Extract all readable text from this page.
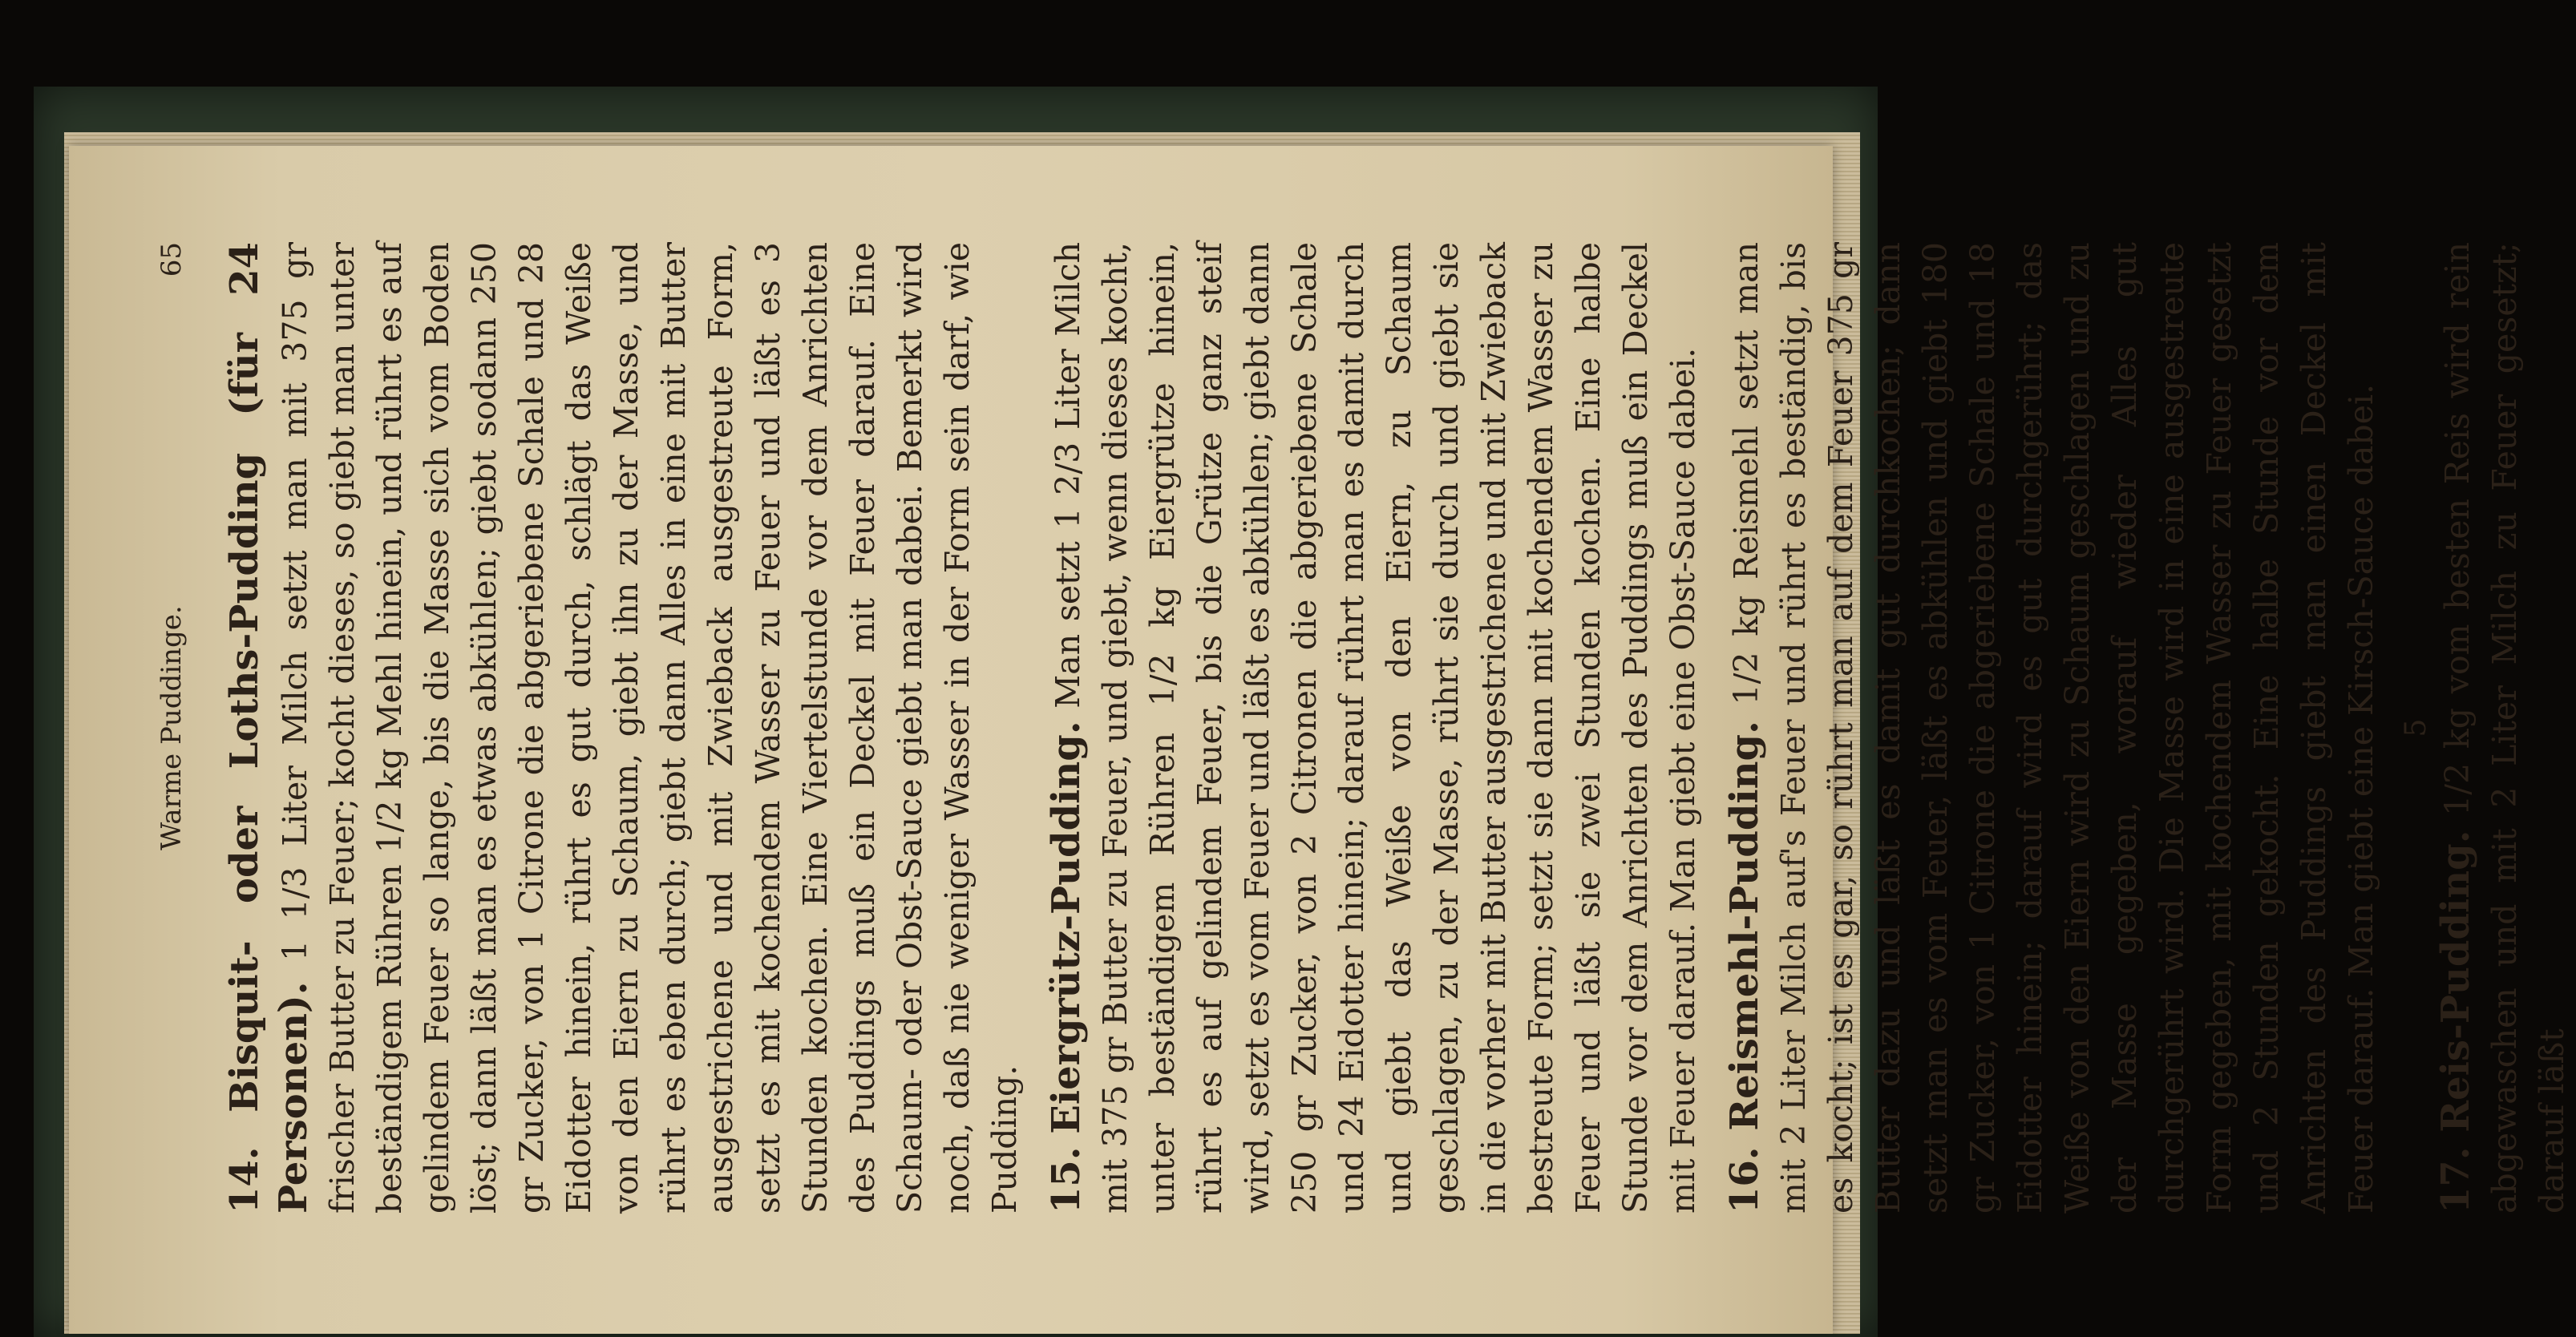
Warme Puddinge.
65

14. Bisquit- oder Loths-Pudding (für 24 Personen). 1 1/3 Liter Milch setzt man mit 375 gr frischer Butter zu Feuer; kocht dieses, so giebt man unter beständigem Rühren 1/2 kg Mehl hinein, und rührt es auf gelindem Feuer so lange, bis die Masse sich vom Boden löst; dann läßt man es etwas abkühlen; giebt sodann 250 gr Zucker, von 1 Citrone die abgeriebene Schale und 28 Eidotter hinein, rührt es gut durch, schlägt das Weiße von den Eiern zu Schaum, giebt ihn zu der Masse, und rührt es eben durch; giebt dann Alles in eine mit Butter ausgestrichene und mit Zwieback ausgestreute Form, setzt es mit kochendem Wasser zu Feuer und läßt es 3 Stunden kochen. Eine Viertelstunde vor dem Anrichten des Puddings muß ein Deckel mit Feuer darauf. Eine Schaum- oder Obst-Sauce giebt man dabei. Bemerkt wird noch, daß nie weniger Wasser in der Form sein darf, wie Pudding. 15. Eiergrütz-Pudding. Man setzt 1 2/3 Liter Milch mit 375 gr Butter zu Feuer, und giebt, wenn dieses kocht, unter beständigem Rühren 1/2 kg Eiergrütze hinein, rührt es auf gelindem Feuer, bis die Grütze ganz steif wird, setzt es vom Feuer und läßt es abkühlen; giebt dann 250 gr Zucker, von 2 Citronen die abgeriebene Schale und 24 Eidotter hinein; darauf rührt man es damit durch und giebt das Weiße von den Eiern, zu Schaum geschlagen, zu der Masse, rührt sie durch und giebt sie in die vorher mit Butter ausgestrichene und mit Zwieback bestreute Form; setzt sie dann mit kochendem Wasser zu Feuer und läßt sie zwei Stunden kochen. Eine halbe Stunde vor dem Anrichten des Puddings muß ein Deckel mit Feuer darauf. Man giebt eine Obst-Sauce dabei. 16. Reismehl-Pudding. 1/2 kg Reismehl setzt man mit 2 Liter Milch auf's Feuer und rührt es beständig, bis es kocht; ist es gar, so rührt man auf dem Feuer 375 gr Butter dazu und läßt es damit gut durchkochen; dann setzt man es vom Feuer, läßt es abkühlen und giebt 180 gr Zucker, von 1 Citrone die abgeriebene Schale und 18 Eidotter hinein; darauf wird es gut durchgerührt; das Weiße von den Eiern wird zu Schaum geschlagen und zu der Masse gegeben, worauf wieder Alles gut durchgerührt wird. Die Masse wird in eine ausgestreute Form gegeben, mit kochendem Wasser zu Feuer gesetzt und 2 Stunden gekocht. Eine halbe Stunde vor dem Anrichten des Puddings giebt man einen Deckel mit Feuer darauf. Man giebt eine Kirsch-Sauce dabei. 5

17. Reis-Pudding. 1/2 kg vom besten Reis wird rein abgewaschen und mit 2 Liter Milch zu Feuer gesetzt; darauf läßt
